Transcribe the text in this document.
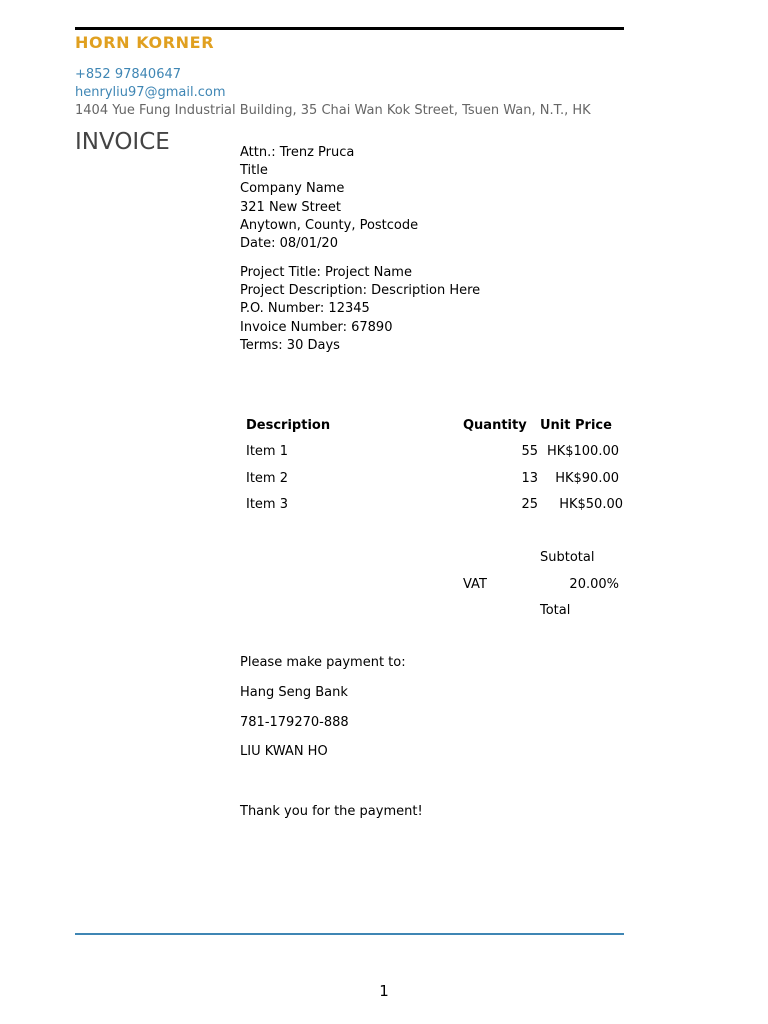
HORN KORNER
+852 97840647
henryliu97@gmail.com
1404 Yue Fung Industrial Building, 35 Chai Wan Kok Street, Tsuen Wan, N.T., HK
INVOICE	Attn.: Trenz Pruca
Title
Company Name
321 New Street
Anytown, County, Postcode
Date: 08/01/20
Project Title: Project Name
Project Description: Description Here
P.O. Number: 12345
Invoice Number: 67890
Terms: 30 Days
Description	Quantity Unit Price
Item 1	55 HK$100.00
Item 2	13	HK$90.00
Item 3	25	HK$50.00
Subtotal
VAT	20.00%
Total
Please make payment to:
Hang Seng Bank
781-179270-888
LIU KWAN HO
Thank you for the payment!
1
